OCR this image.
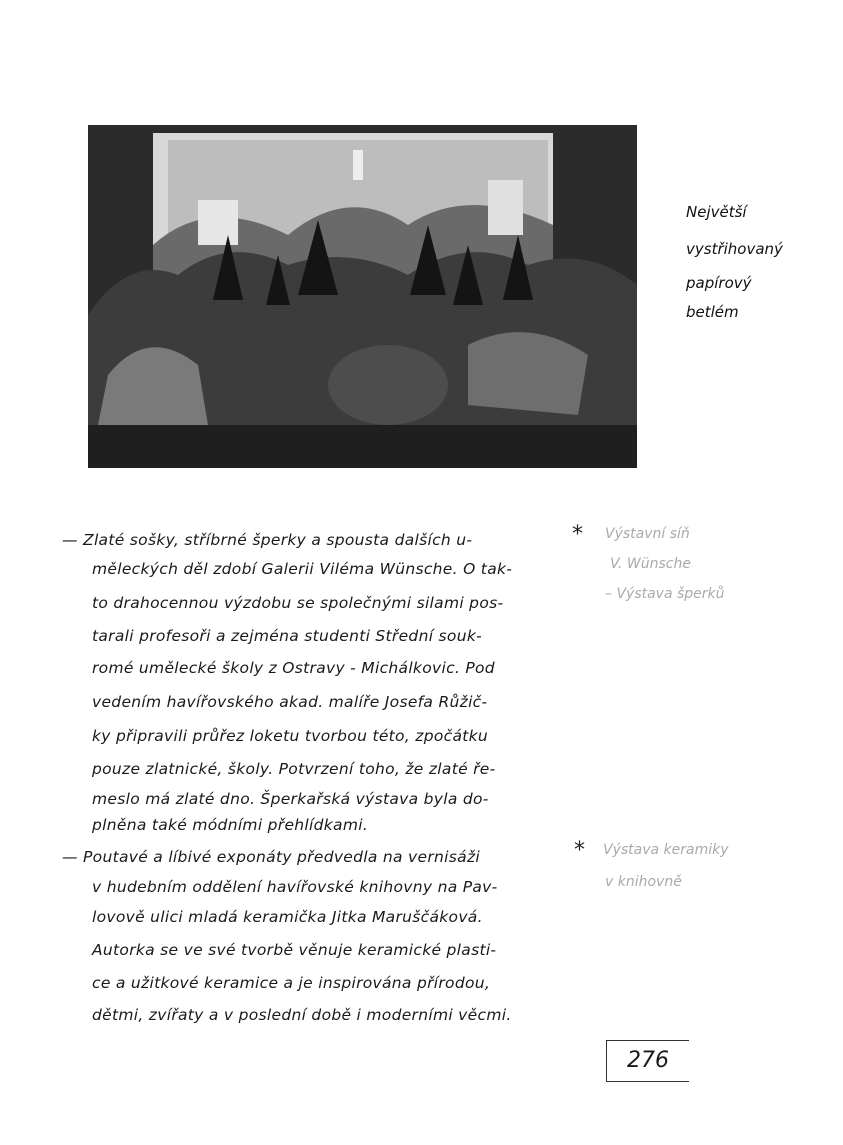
Největší
vystřihovaný
papírový
betlém
— Zlaté sošky, stříbrné šperky a spousta dalších u-
měleckých děl zdobí Galerii Viléma Wünsche. O tak-
to drahocennou výzdobu se společnými silami pos-
tarali profesoři a zejména studenti Střední souk-
romé umělecké školy z Ostravy - Michálkovic. Pod
vedením havířovského akad. malíře Josefa Růžič-
ky připravili průřez loketu tvorbou této, zpočátku
pouze zlatnické, školy. Potvrzení toho, že zlaté ře-
meslo má zlaté dno. Šperkařská výstava byla do-
plněna také módními přehlídkami.
* Výstavní síň
V. Wünsche
– Výstava šperků
— Poutavé a líbivé exponáty předvedla na vernisáži
v hudebním oddělení havířovské knihovny na Pav-
lovově ulici mladá keramička Jitka Maruščáková.
Autorka se ve své tvorbě věnuje keramické plasti-
ce a užitkové keramice a je inspirována přírodou,
dětmi, zvířaty a v poslední době i moderními věcmi.
* Výstava keramiky
v knihovně
276
